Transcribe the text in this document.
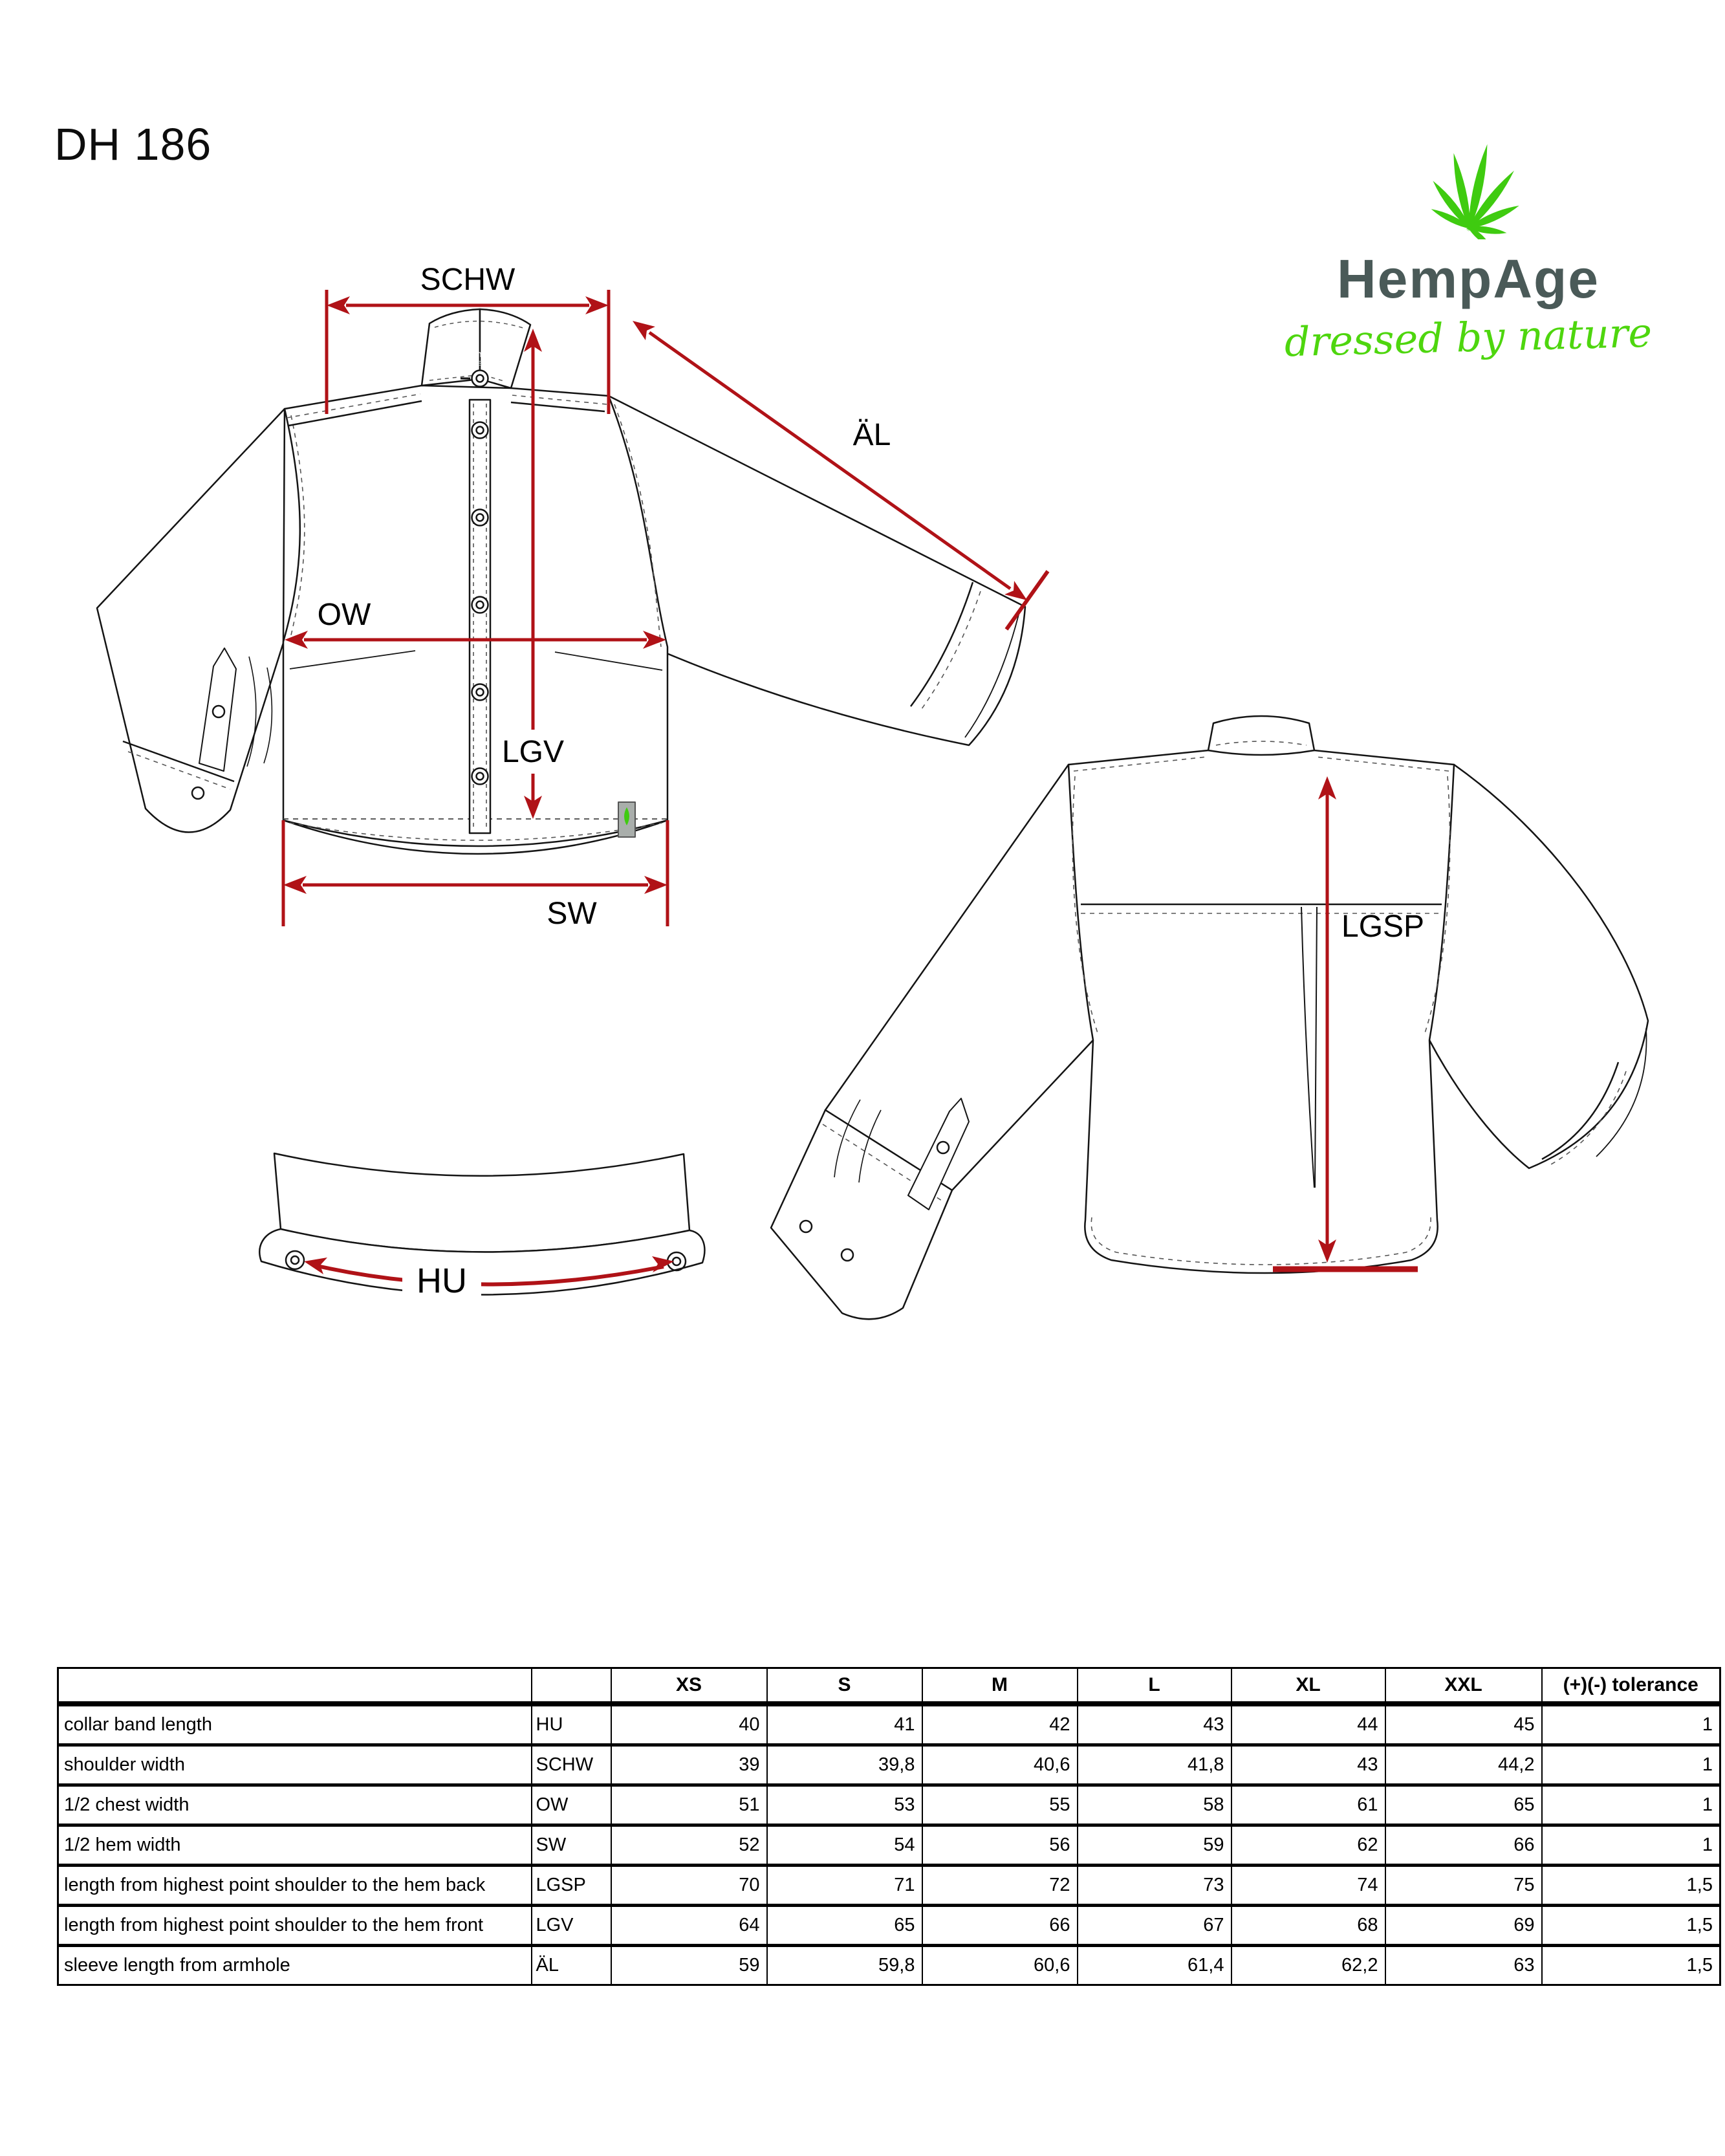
DH 186
HempAge
dressed by nature
SCHW
ÄL
OW
LGV
SW	LGSP
HU
HempAge
S
		XS	S	M	L	XL	XXL	(+)(-) tolerance
collar band length	HU	40	41	42	43	44	45	1
shoulder width	SCHW	39	39,8	40,6	41,8	43	44,2	1
1/2 chest width	OW	51	53	55	58	61	65	1
1/2 hem width	SW	52	54	56	59	62	66	1
length from highest point shoulder to the hem back	LGSP	70	71	72	73	74	75	1,5
length from highest point shoulder to the hem front	LGV	64	65	66	67	68	69	1,5
sleeve length from armhole	ÄL	59	59,8	60,6	61,4	62,2	63	1,5
